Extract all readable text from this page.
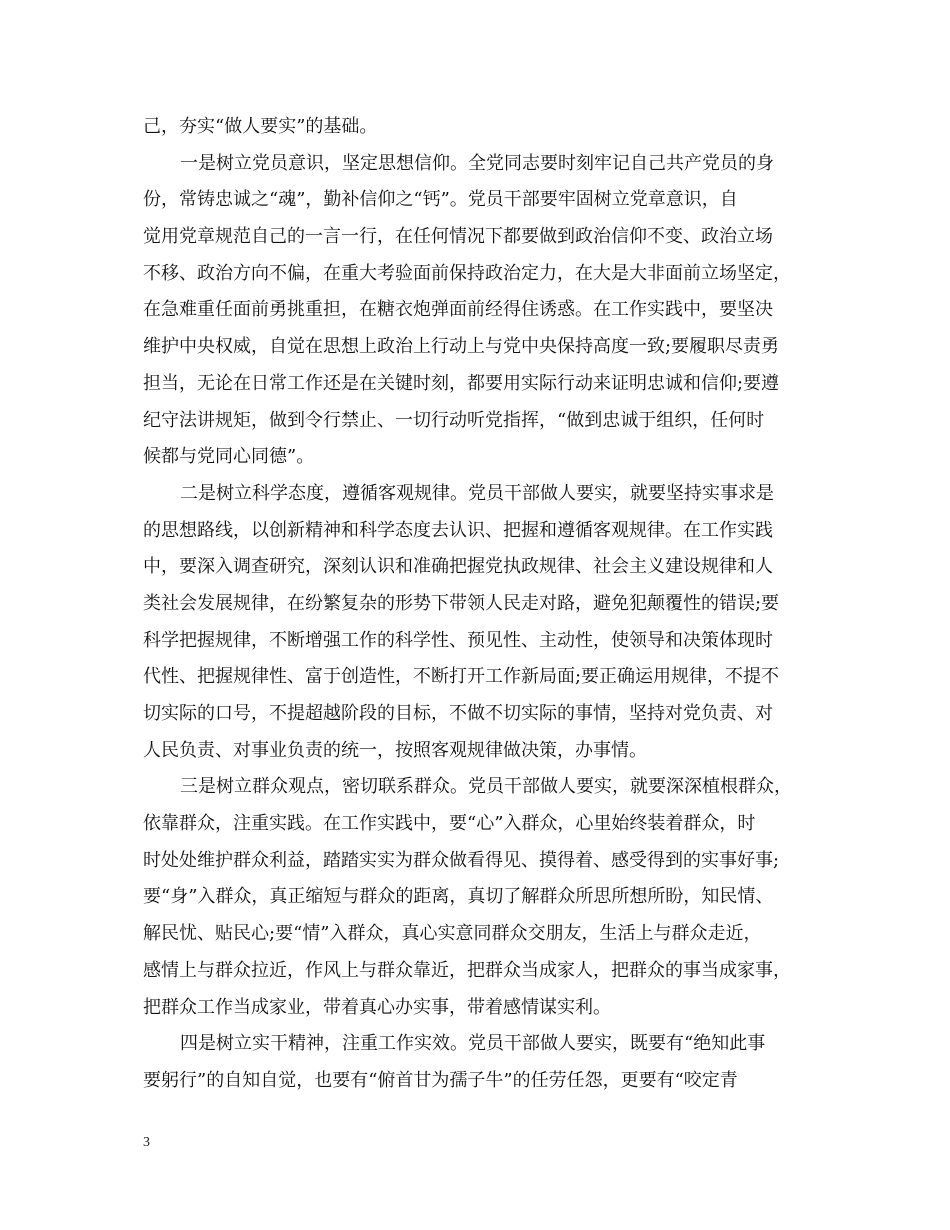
己，夯实“做人要实”的基础。
一是树立党员意识，坚定思想信仰。全党同志要时刻牢记自己共产党员的身
份，常铸忠诚之“魂”，勤补信仰之“钙”。党员干部要牢固树立党章意识，自
觉用党章规范自己的一言一行，在任何情况下都要做到政治信仰不变、政治立场
不移、政治方向不偏，在重大考验面前保持政治定力，在大是大非面前立场坚定，
在急难重任面前勇挑重担，在糖衣炮弹面前经得住诱惑。在工作实践中，要坚决
维护中央权威，自觉在思想上政治上行动上与党中央保持高度一致;要履职尽责勇
担当，无论在日常工作还是在关键时刻，都要用实际行动来证明忠诚和信仰;要遵
纪守法讲规矩，做到令行禁止、一切行动听党指挥，“做到忠诚于组织，任何时
候都与党同心同德”。
二是树立科学态度，遵循客观规律。党员干部做人要实，就要坚持实事求是
的思想路线，以创新精神和科学态度去认识、把握和遵循客观规律。在工作实践
中，要深入调查研究，深刻认识和准确把握党执政规律、社会主义建设规律和人
类社会发展规律，在纷繁复杂的形势下带领人民走对路，避免犯颠覆性的错误;要
科学把握规律，不断增强工作的科学性、预见性、主动性，使领导和决策体现时
代性、把握规律性、富于创造性，不断打开工作新局面;要正确运用规律，不提不
切实际的口号，不提超越阶段的目标，不做不切实际的事情，坚持对党负责、对
人民负责、对事业负责的统一，按照客观规律做决策，办事情。
三是树立群众观点，密切联系群众。党员干部做人要实，就要深深植根群众，
依靠群众，注重实践。在工作实践中，要“心”入群众，心里始终装着群众，时
时处处维护群众利益，踏踏实实为群众做看得见、摸得着、感受得到的实事好事;
要“身”入群众，真正缩短与群众的距离，真切了解群众所思所想所盼，知民情、
解民忧、贴民心;要“情”入群众，真心实意同群众交朋友，生活上与群众走近，
感情上与群众拉近，作风上与群众靠近，把群众当成家人，把群众的事当成家事，
把群众工作当成家业，带着真心办实事，带着感情谋实利。
四是树立实干精神，注重工作实效。党员干部做人要实，既要有“绝知此事
要躬行”的自知自觉，也要有“俯首甘为孺子牛”的任劳任怨，更要有“咬定青
3
